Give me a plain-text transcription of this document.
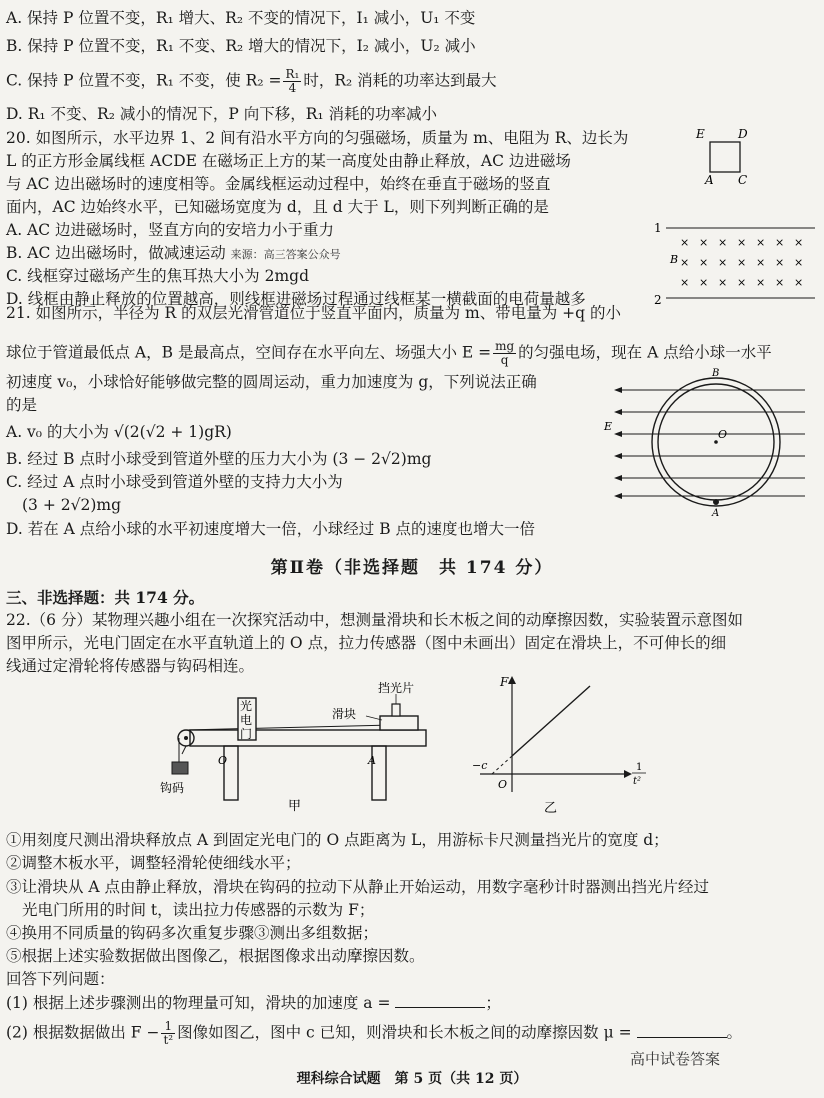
A. 保持 P 位置不变，R₁ 增大、R₂ 不变的情况下，I₁ 减小，U₁ 不变
B. 保持 P 位置不变，R₁ 不变、R₂ 增大的情况下，I₂ 减小，U₂ 减小
C. 保持 P 位置不变，R₁ 不变，使 $R_2 = \frac{\text{R₁}}{4}$ 时，R₂ 消耗的功率达到最大
D. R₁ 不变、R₂ 减小的情况下，P 向下移，R₁ 消耗的功率减小
20. 如图所示，水平边界 1、2 间有沿水平方向的匀强磁场，质量为 m、电阻为 R、边长为
L 的正方形金属线框 ACDE 在磁场正上方的某一高度处由静止释放，AC 边进磁场
与 AC 边出磁场时的速度相等。金属线框运动过程中，始终在垂直于磁场的竖直
面内，AC 边始终水平，已知磁场宽度为 d，且 d 大于 L，则下列判断正确的是
A. AC 边进磁场时，竖直方向的安培力小于重力
B. AC 边出磁场时，做减速运动 来源：高三答案公众号
C. 线框穿过磁场产生的焦耳热大小为 2mgd
D. 线框由静止释放的位置越高，则线框进磁场过程通过线框某一横截面的电荷量越多
E	D
A C
1
2
B
× × × × × × ×
× × × × × × ×
× × × × × × ×
21. 如图所示，半径为 R 的双层光滑管道位于竖直平面内，质量为 m、带电量为 +q 的小
球位于管道最低点 A，B 是最高点，空间存在水平向左、场强大小 $E = \frac{mg}{q}$ 的匀强电场，现在 A 点给小球一水平
初速度 v₀，小球恰好能够做完整的圆周运动，重力加速度为 g，下列说法正确
的是
A. v₀ 的大小为 √(2(√2 + 1)gR)
B. 经过 B 点时小球受到管道外壁的压力大小为 (3 − 2√2)mg
C. 经过 A 点时小球受到管道外壁的支持力大小为
(3 + 2√2)mg
D. 若在 A 点给小球的水平初速度增大一倍，小球经过 B 点的速度也增大一倍
B
A
O
E
第Ⅱ卷（非选择题　共 174 分）
三、非选择题：共 174 分。
22.（6 分）某物理兴趣小组在一次探究活动中，想测量滑块和长木板之间的动摩擦因数，实验装置示意图如
图甲所示，光电门固定在水平直轨道上的 O 点，拉力传感器（图中未画出）固定在滑块上，不可伸长的细
线通过定滑轮将传感器与钩码相连。
光
电
门
滑块
挡光片
O	A
钩码
甲
F
−c
O
1
t²
乙
①用刻度尺测出滑块释放点 A 到固定光电门的 O 点距离为 L，用游标卡尺测量挡光片的宽度 d；
②调整木板水平，调整轻滑轮使细线水平；
③让滑块从 A 点由静止释放，滑块在钩码的拉动下从静止开始运动，用数字毫秒计时器测出挡光片经过
光电门所用的时间 t，读出拉力传感器的示数为 F；
④换用不同质量的钩码多次重复步骤③测出多组数据；
⑤根据上述实验数据做出图像乙，根据图像求出动摩擦因数。
回答下列问题：
(1) 根据上述步骤测出的物理量可知，滑块的加速度 a =	；
(2) 根据数据做出 $F - \frac{1}{\text{t²}}$ 图像如图乙，图中 c 已知，则滑块和长木板之间的动摩擦因数 μ =	。
高中试卷答案
理科综合试题　第 5 页（共 12 页）
